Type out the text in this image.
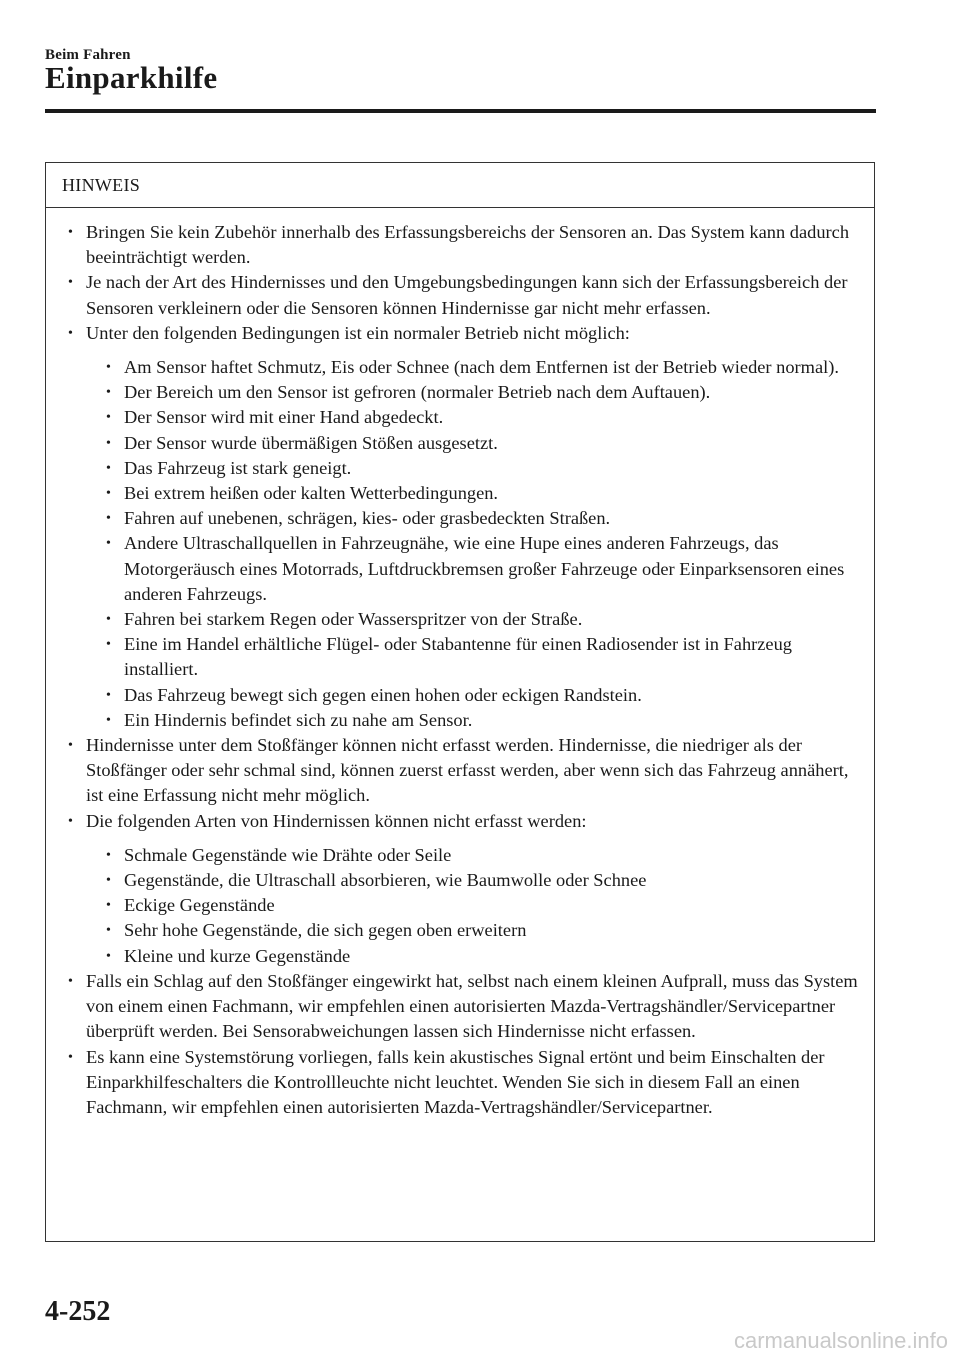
Beim Fahren
Einparkhilfe
HINWEIS
• Bringen Sie kein Zubehör innerhalb des Erfassungsbereichs der Sensoren an. Das System kann dadurch beeinträchtigt werden.
• Je nach der Art des Hindernisses und den Umgebungsbedingungen kann sich der Erfassungsbereich der Sensoren verkleinern oder die Sensoren können Hindernisse gar nicht mehr erfassen.
• Unter den folgenden Bedingungen ist ein normaler Betrieb nicht möglich:
• Am Sensor haftet Schmutz, Eis oder Schnee (nach dem Entfernen ist der Betrieb wieder normal).
• Der Bereich um den Sensor ist gefroren (normaler Betrieb nach dem Auftauen).
• Der Sensor wird mit einer Hand abgedeckt.
• Der Sensor wurde übermäßigen Stößen ausgesetzt.
• Das Fahrzeug ist stark geneigt.
• Bei extrem heißen oder kalten Wetterbedingungen.
• Fahren auf unebenen, schrägen, kies- oder grasbedeckten Straßen.
• Andere Ultraschallquellen in Fahrzeugnähe, wie eine Hupe eines anderen Fahrzeugs, das Motorgeräusch eines Motorrads, Luftdruckbremsen großer Fahrzeuge oder Einparksensoren eines anderen Fahrzeugs.
• Fahren bei starkem Regen oder Wasserspritzer von der Straße.
• Eine im Handel erhältliche Flügel- oder Stabantenne für einen Radiosender ist in Fahrzeug installiert.
• Das Fahrzeug bewegt sich gegen einen hohen oder eckigen Randstein.
• Ein Hindernis befindet sich zu nahe am Sensor.
• Hindernisse unter dem Stoßfänger können nicht erfasst werden. Hindernisse, die niedriger als der Stoßfänger oder sehr schmal sind, können zuerst erfasst werden, aber wenn sich das Fahrzeug annähert, ist eine Erfassung nicht mehr möglich.
• Die folgenden Arten von Hindernissen können nicht erfasst werden:
• Schmale Gegenstände wie Drähte oder Seile
• Gegenstände, die Ultraschall absorbieren, wie Baumwolle oder Schnee
• Eckige Gegenstände
• Sehr hohe Gegenstände, die sich gegen oben erweitern
• Kleine und kurze Gegenstände
• Falls ein Schlag auf den Stoßfänger eingewirkt hat, selbst nach einem kleinen Aufprall, muss das System von einem einen Fachmann, wir empfehlen einen autorisierten Mazda-Vertragshändler/Servicepartner überprüft werden. Bei Sensorabweichungen lassen sich Hindernisse nicht erfassen.
• Es kann eine Systemstörung vorliegen, falls kein akustisches Signal ertönt und beim Einschalten der Einparkhilfeschalters die Kontrollleuchte nicht leuchtet. Wenden Sie sich in diesem Fall an einen Fachmann, wir empfehlen einen autorisierten Mazda-Vertragshändler/Servicepartner.
4-252
carmanualsonline.info
